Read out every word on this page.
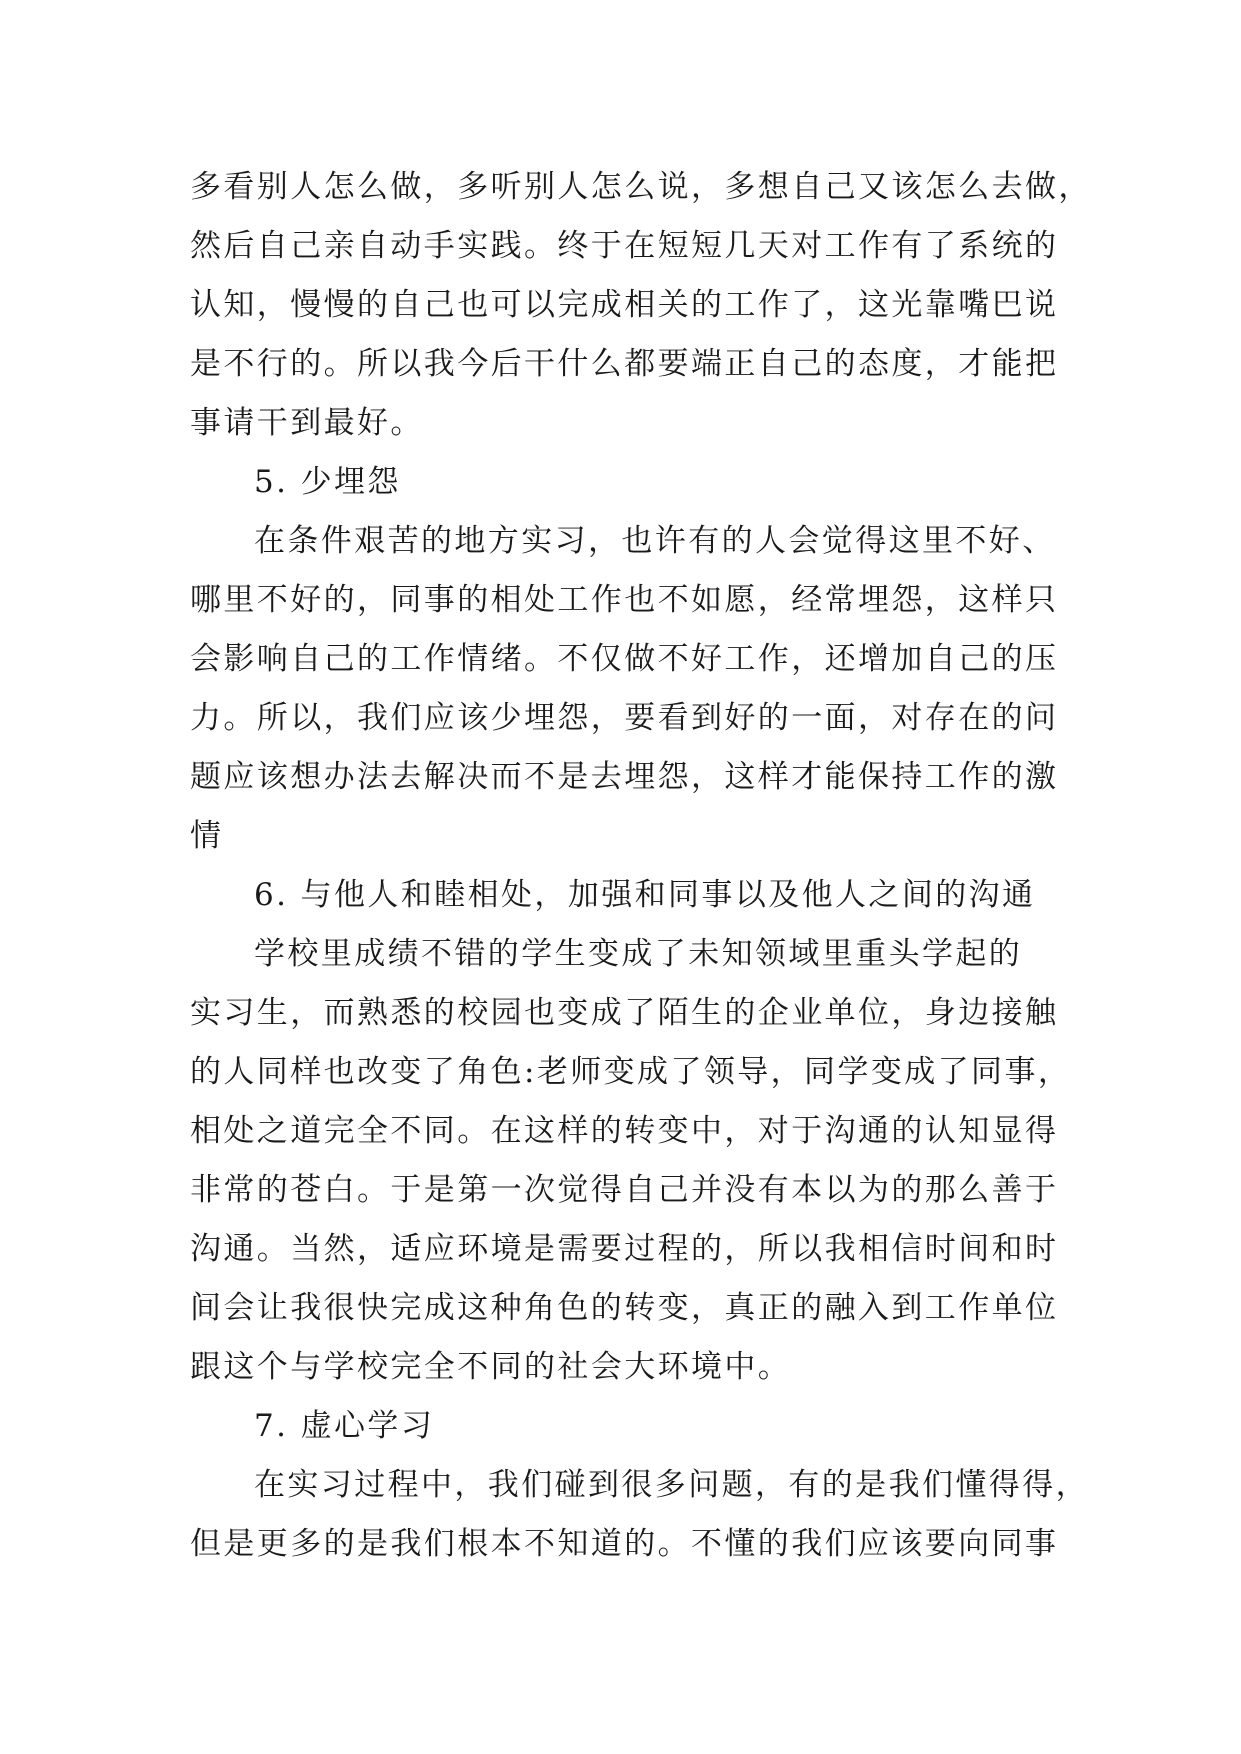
多看别人怎么做，多听别人怎么说，多想自己又该怎么去做，
然后自己亲自动手实践。终于在短短几天对工作有了系统的
认知，慢慢的自己也可以完成相关的工作了，这光靠嘴巴说
是不行的。所以我今后干什么都要端正自己的态度，才能把
事请干到最好。
5. 少埋怨
在条件艰苦的地方实习，也许有的人会觉得这里不好、
哪里不好的，同事的相处工作也不如愿，经常埋怨，这样只
会影响自己的工作情绪。不仅做不好工作，还增加自己的压
力。所以，我们应该少埋怨，要看到好的一面，对存在的问
题应该想办法去解决而不是去埋怨，这样才能保持工作的激
情
6. 与他人和睦相处，加强和同事以及他人之间的沟通
学校里成绩不错的学生变成了未知领域里重头学起的
实习生，而熟悉的校园也变成了陌生的企业单位，身边接触
的人同样也改变了角色:老师变成了领导，同学变成了同事，
相处之道完全不同。在这样的转变中，对于沟通的认知显得
非常的苍白。于是第一次觉得自己并没有本以为的那么善于
沟通。当然，适应环境是需要过程的，所以我相信时间和时
间会让我很快完成这种角色的转变，真正的融入到工作单位
跟这个与学校完全不同的社会大环境中。
7. 虚心学习
在实习过程中，我们碰到很多问题，有的是我们懂得得，
但是更多的是我们根本不知道的。不懂的我们应该要向同事
